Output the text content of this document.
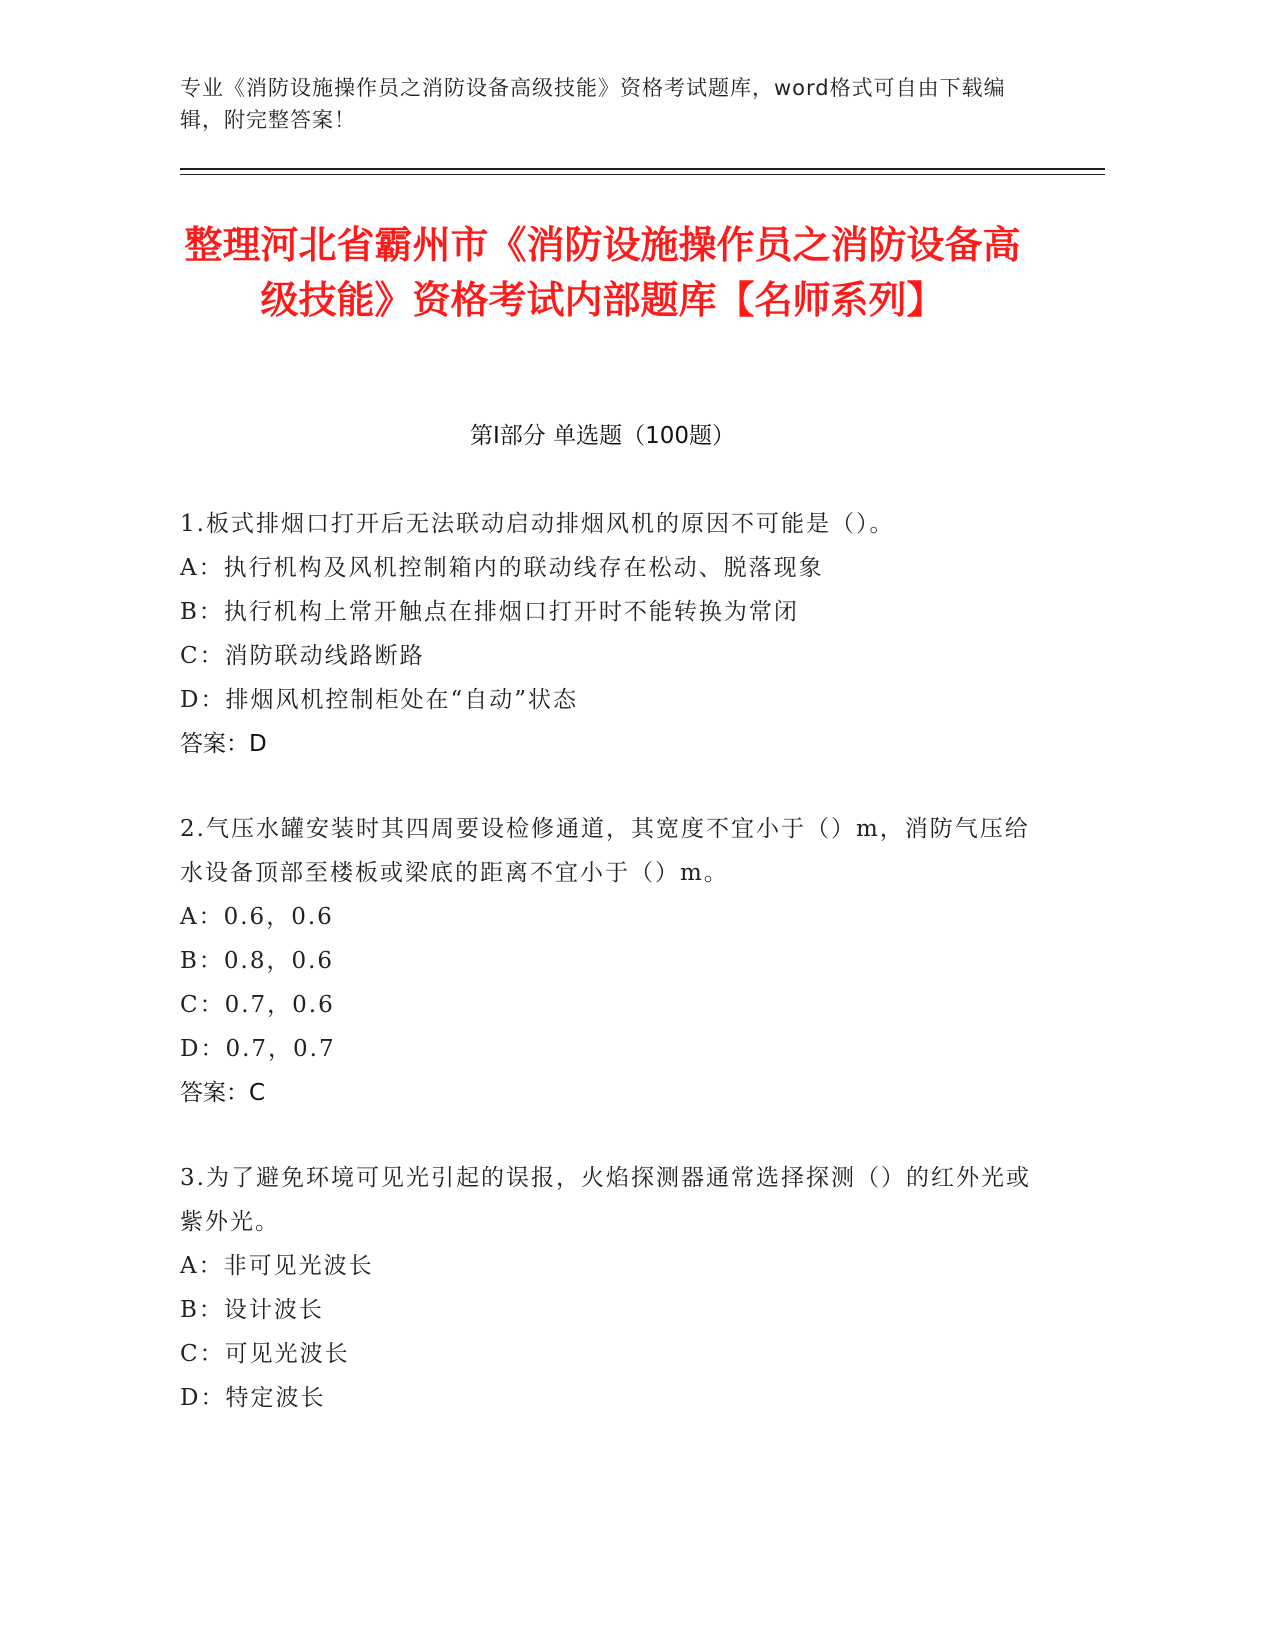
专业《消防设施操作员之消防设备高级技能》资格考试题库，word格式可自由下载编辑，附完整答案！
整理河北省霸州市《消防设施操作员之消防设备高级技能》资格考试内部题库【名师系列】
第I部分 单选题（100题）

1.板式排烟口打开后无法联动启动排烟风机的原因不可能是（）。

A：执行机构及风机控制箱内的联动线存在松动、脱落现象

B：执行机构上常开触点在排烟口打开时不能转换为常闭

C：消防联动线路断路

D：排烟风机控制柜处在“自动”状态

答案：D

2.气压水罐安装时其四周要设检修通道，其宽度不宜小于（）m，消防气压给水设备顶部至楼板或梁底的距离不宜小于（）m。

A：0.6，0.6

B：0.8，0.6

C：0.7，0.6

D：0.7，0.7

答案：C

3.为了避免环境可见光引起的误报，火焰探测器通常选择探测（）的红外光或紫外光。

A：非可见光波长

B：设计波长

C：可见光波长

D：特定波长
